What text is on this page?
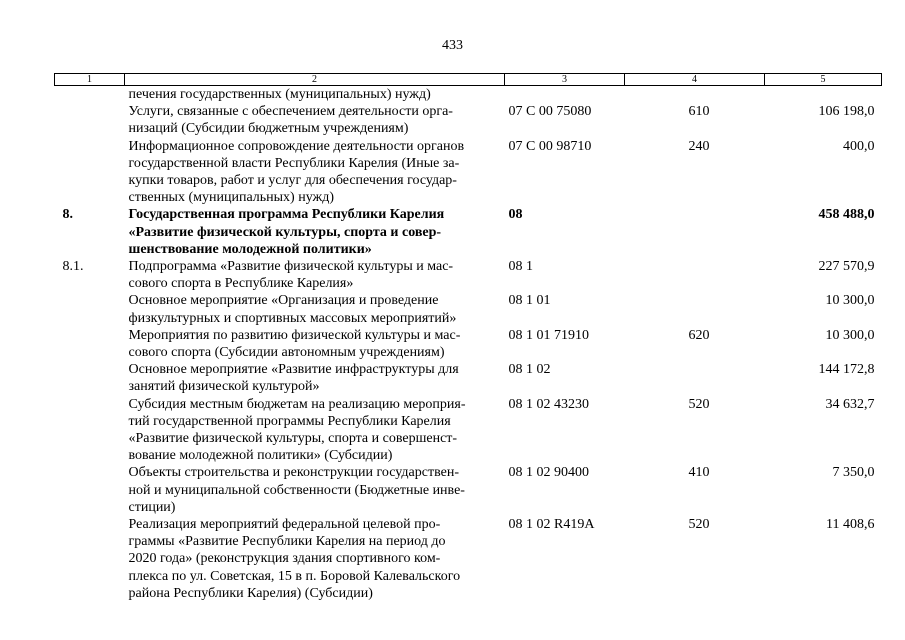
433
1	2	3	4	5

	печения государственных (муниципальных) нужд)			

	Услуги, связанные с обеспечением деятельности орга-
низаций (Субсидии бюджетным учреждениям)	07 С 00 75080	610	106 198,0

	Информационное сопровождение деятельности органов
государственной власти Республики Карелия (Иные за-
купки товаров, работ и услуг для обеспечения государ-
ственных (муниципальных) нужд)	07 С 00 98710	240	400,0
8.	Государственная программа Республики Карелия
«Развитие физической культуры, спорта и совер-
шенствование молодежной политики»	08		458 488,0
8.1.	Подпрограмма «Развитие физической культуры и мас-
сового спорта в Республике Карелия»	08 1		227 570,9

	Основное мероприятие «Организация и проведение
физкультурных и спортивных массовых мероприятий»	08 1 01		10 300,0

	Мероприятия по развитию физической культуры и мас-
сового спорта (Субсидии автономным учреждениям)	08 1 01 71910	620	10 300,0

	Основное мероприятие «Развитие инфраструктуры для
занятий физической культурой»	08 1 02		144 172,8

	Субсидия местным бюджетам на реализацию мероприя-
тий государственной программы Республики Карелия
«Развитие физической культуры, спорта и совершенст-
вование молодежной политики» (Субсидии)	08 1 02 43230	520	34 632,7

	Объекты строительства и реконструкции государствен-
ной и муниципальной собственности (Бюджетные инве-
стиции)	08 1 02 90400	410	7 350,0

	Реализация мероприятий федеральной целевой про-
граммы «Развитие Республики Карелия на период до
2020 года» (реконструкция здания спортивного ком-
плекса по ул. Советская, 15 в п. Боровой Калевальского
района Республики Карелия) (Субсидии)	08 1 02 R419A	520	11 408,6
